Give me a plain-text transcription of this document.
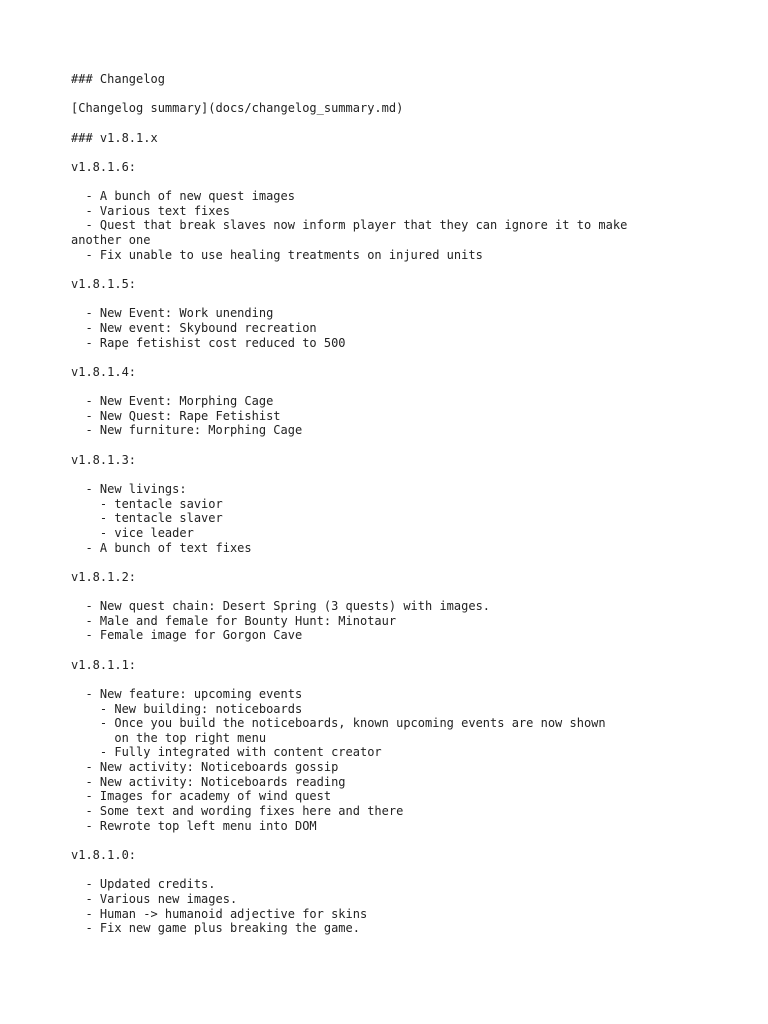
### Changelog

[Changelog summary](docs/changelog_summary.md)

### v1.8.1.x

v1.8.1.6:

- A bunch of new quest images
- Various text fixes
- Quest that break slaves now inform player that they can ignore it to make
another one
- Fix unable to use healing treatments on injured units

v1.8.1.5:

- New Event: Work unending
- New event: Skybound recreation
- Rape fetishist cost reduced to 500

v1.8.1.4:

- New Event: Morphing Cage
- New Quest: Rape Fetishist
- New furniture: Morphing Cage

v1.8.1.3:

- New livings:
- tentacle savior
- tentacle slaver
- vice leader
- A bunch of text fixes

v1.8.1.2:

- New quest chain: Desert Spring (3 quests) with images.
- Male and female for Bounty Hunt: Minotaur
- Female image for Gorgon Cave

v1.8.1.1:

- New feature: upcoming events
- New building: noticeboards
- Once you build the noticeboards, known upcoming events are now shown
on the top right menu
- Fully integrated with content creator
- New activity: Noticeboards gossip
- New activity: Noticeboards reading
- Images for academy of wind quest
- Some text and wording fixes here and there
- Rewrote top left menu into DOM

v1.8.1.0:

- Updated credits.
- Various new images.
- Human -> humanoid adjective for skins
- Fix new game plus breaking the game.
